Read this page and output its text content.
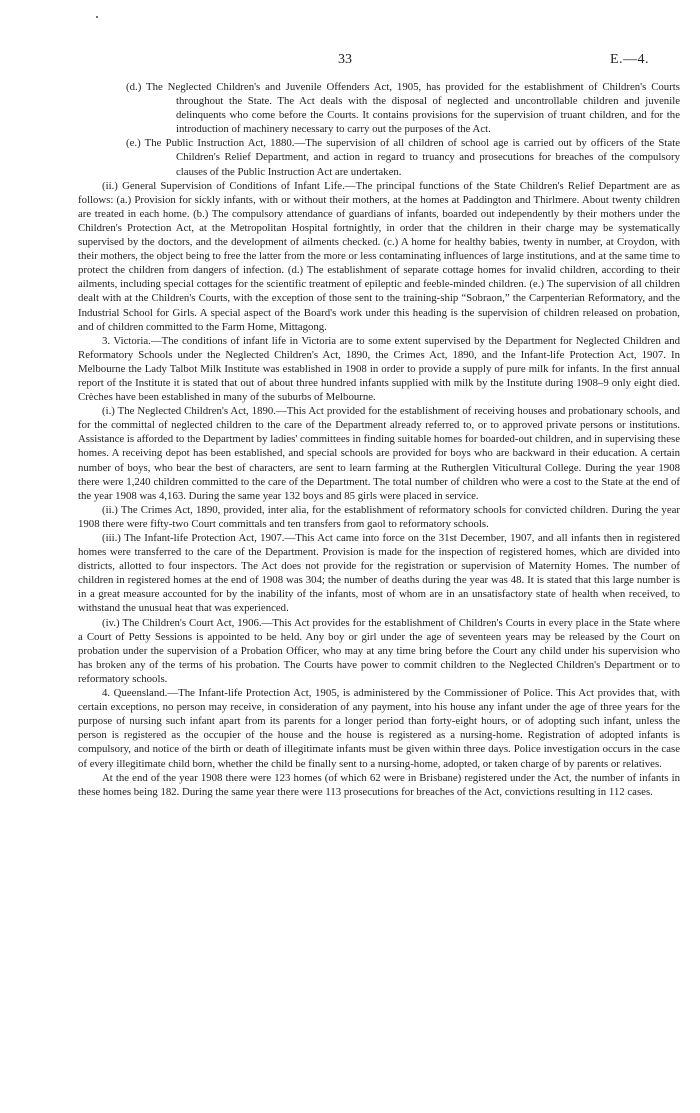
33	E.—4.

(d.) The Neglected Children's and Juvenile Offenders Act, 1905, has provided for the establishment of Children's Courts throughout the State. The Act deals with the disposal of neglected and uncontrollable children and juvenile delinquents who come before the Courts. It contains provisions for the supervision of truant children, and for the introduction of machinery necessary to carry out the purposes of the Act.

(e.) The Public Instruction Act, 1880.—The supervision of all children of school age is carried out by officers of the State Children's Relief Department, and action in regard to truancy and prosecutions for breaches of the compulsory clauses of the Public Instruction Act are undertaken.

(ii.) General Supervision of Conditions of Infant Life.—The principal functions of the State Children's Relief Department are as follows: (a.) Provision for sickly infants, with or without their mothers, at the homes at Paddington and Thirlmere. About twenty children are treated in each home. (b.) The compulsory attendance of guardians of infants, boarded out independently by their mothers under the Children's Protection Act, at the Metropolitan Hospital fortnightly, in order that the children in their charge may be systematically supervised by the doctors, and the development of ailments checked. (c.) A home for healthy babies, twenty in number, at Croydon, with their mothers, the object being to free the latter from the more or less contaminating influences of large institutions, and at the same time to protect the children from dangers of infection. (d.) The establishment of separate cottage homes for invalid children, according to their ailments, including special cottages for the scientific treatment of epileptic and feeble-minded children. (e.) The supervision of all children dealt with at the Children's Courts, with the exception of those sent to the training-ship “Sobraon,” the Carpenterian Reformatory, and the Industrial School for Girls. A special aspect of the Board's work under this heading is the supervision of children released on probation, and of children committed to the Farm Home, Mittagong.

3. Victoria.—The conditions of infant life in Victoria are to some extent supervised by the Department for Neglected Children and Reformatory Schools under the Neglected Children's Act, 1890, the Crimes Act, 1890, and the Infant-life Protection Act, 1907. In Melbourne the Lady Talbot Milk Institute was established in 1908 in order to provide a supply of pure milk for infants. In the first annual report of the Institute it is stated that out of about three hundred infants supplied with milk by the Institute during 1908–9 only eight died. Crèches have been established in many of the suburbs of Melbourne.

(i.) The Neglected Children's Act, 1890.—This Act provided for the establishment of receiving houses and probationary schools, and for the committal of neglected children to the care of the Department already referred to, or to approved private persons or institutions. Assistance is afforded to the Department by ladies' committees in finding suitable homes for boarded-out children, and in supervising these homes. A receiving depot has been established, and special schools are provided for boys who are backward in their education. A certain number of boys, who bear the best of characters, are sent to learn farming at the Rutherglen Viticultural College. During the year 1908 there were 1,240 children committed to the care of the Department. The total number of children who were a cost to the State at the end of the year 1908 was 4,163. During the same year 132 boys and 85 girls were placed in service.

(ii.) The Crimes Act, 1890, provided, inter alia, for the establishment of reformatory schools for convicted children. During the year 1908 there were fifty-two Court committals and ten transfers from gaol to reformatory schools.

(iii.) The Infant-life Protection Act, 1907.—This Act came into force on the 31st December, 1907, and all infants then in registered homes were transferred to the care of the Department. Provision is made for the inspection of registered homes, which are divided into districts, allotted to four inspectors. The Act does not provide for the registration or supervision of Maternity Homes. The number of children in registered homes at the end of 1908 was 304; the number of deaths during the year was 48. It is stated that this large number is in a great measure accounted for by the inability of the infants, most of whom are in an unsatisfactory state of health when received, to withstand the unusual heat that was experienced.

(iv.) The Children's Court Act, 1906.—This Act provides for the establishment of Children's Courts in every place in the State where a Court of Petty Sessions is appointed to be held. Any boy or girl under the age of seventeen years may be released by the Court on probation under the supervision of a Probation Officer, who may at any time bring before the Court any child under his supervision who has broken any of the terms of his probation. The Courts have power to commit children to the Neglected Children's Department or to reformatory schools.

4. Queensland.—The Infant-life Protection Act, 1905, is administered by the Commissioner of Police. This Act provides that, with certain exceptions, no person may receive, in consideration of any payment, into his house any infant under the age of three years for the purpose of nursing such infant apart from its parents for a longer period than forty-eight hours, or of adopting such infant, unless the person is registered as the occupier of the house and the house is registered as a nursing-home. Registration of adopted infants is compulsory, and notice of the birth or death of illegitimate infants must be given within three days. Police investigation occurs in the case of every illegitimate child born, whether the child be finally sent to a nursing-home, adopted, or taken charge of by parents or relatives.

At the end of the year 1908 there were 123 homes (of which 62 were in Brisbane) registered under the Act, the number of infants in these homes being 182. During the same year there were 113 prosecutions for breaches of the Act, convictions resulting in 112 cases.
